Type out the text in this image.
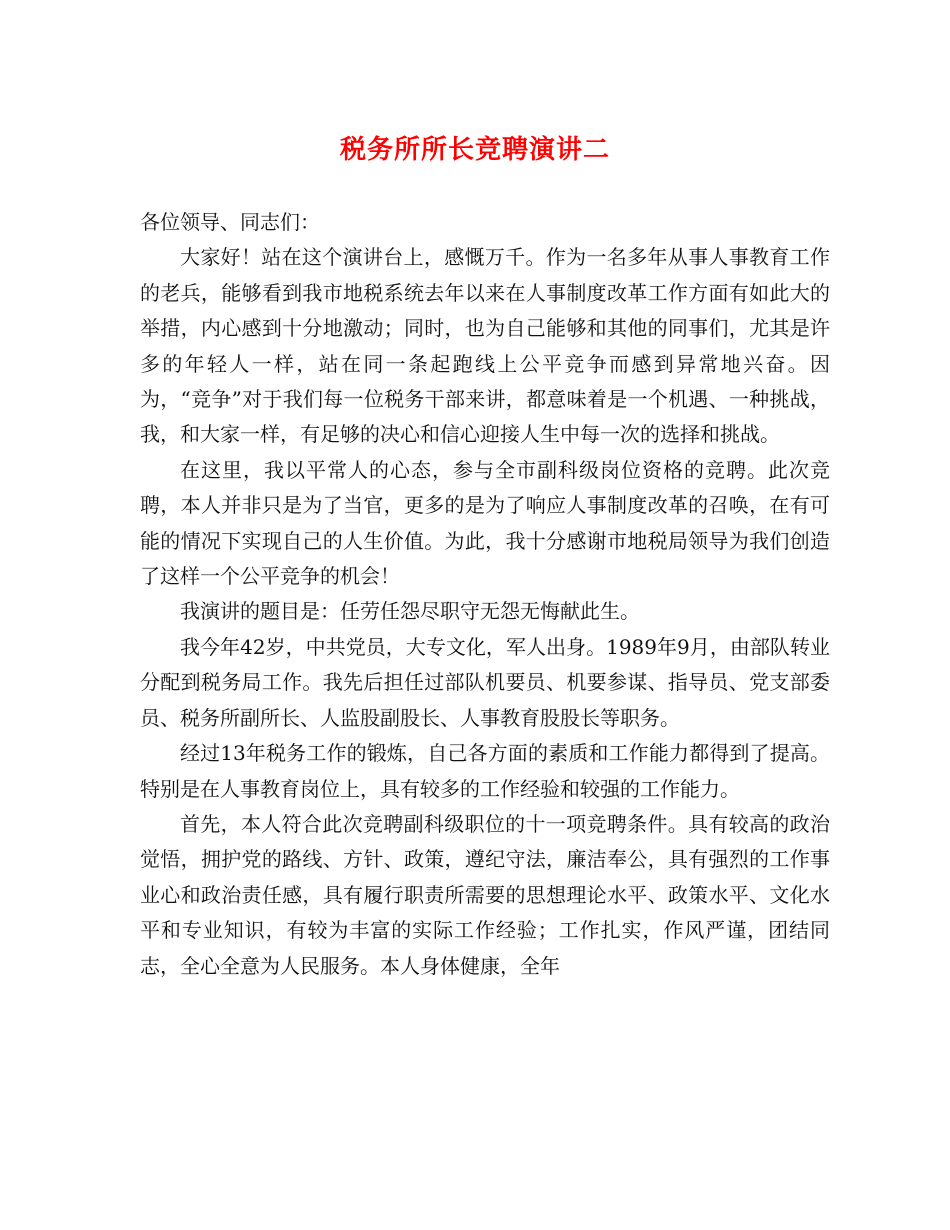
税务所所长竞聘演讲二

各位领导、同志们：

大家好！站在这个演讲台上，感慨万千。作为一名多年从事人事教育工作的老兵，能够看到我市地税系统去年以来在人事制度改革工作方面有如此大的举措，内心感到十分地激动；同时，也为自己能够和其他的同事们，尤其是许多的年轻人一样，站在同一条起跑线上公平竞争而感到异常地兴奋。因为，“竞争”对于我们每一位税务干部来讲，都意味着是一个机遇、一种挑战，我，和大家一样，有足够的决心和信心迎接人生中每一次的选择和挑战。

在这里，我以平常人的心态，参与全市副科级岗位资格的竞聘。此次竞聘，本人并非只是为了当官，更多的是为了响应人事制度改革的召唤，在有可能的情况下实现自己的人生价值。为此，我十分感谢市地税局领导为我们创造了这样一个公平竞争的机会！

我演讲的题目是：任劳任怨尽职守无怨无悔献此生。

我今年42岁，中共党员，大专文化，军人出身。1989年9月，由部队转业分配到税务局工作。我先后担任过部队机要员、机要参谋、指导员、党支部委员、税务所副所长、人监股副股长、人事教育股股长等职务。

经过13年税务工作的锻炼，自己各方面的素质和工作能力都得到了提高。特别是在人事教育岗位上，具有较多的工作经验和较强的工作能力。

首先，本人符合此次竞聘副科级职位的十一项竞聘条件。具有较高的政治觉悟，拥护党的路线、方针、政策，遵纪守法，廉洁奉公，具有强烈的工作事业心和政治责任感，具有履行职责所需要的思想理论水平、政策水平、文化水平和专业知识，有较为丰富的实际工作经验；工作扎实，作风严谨，团结同志，全心全意为人民服务。本人身体健康，全年
